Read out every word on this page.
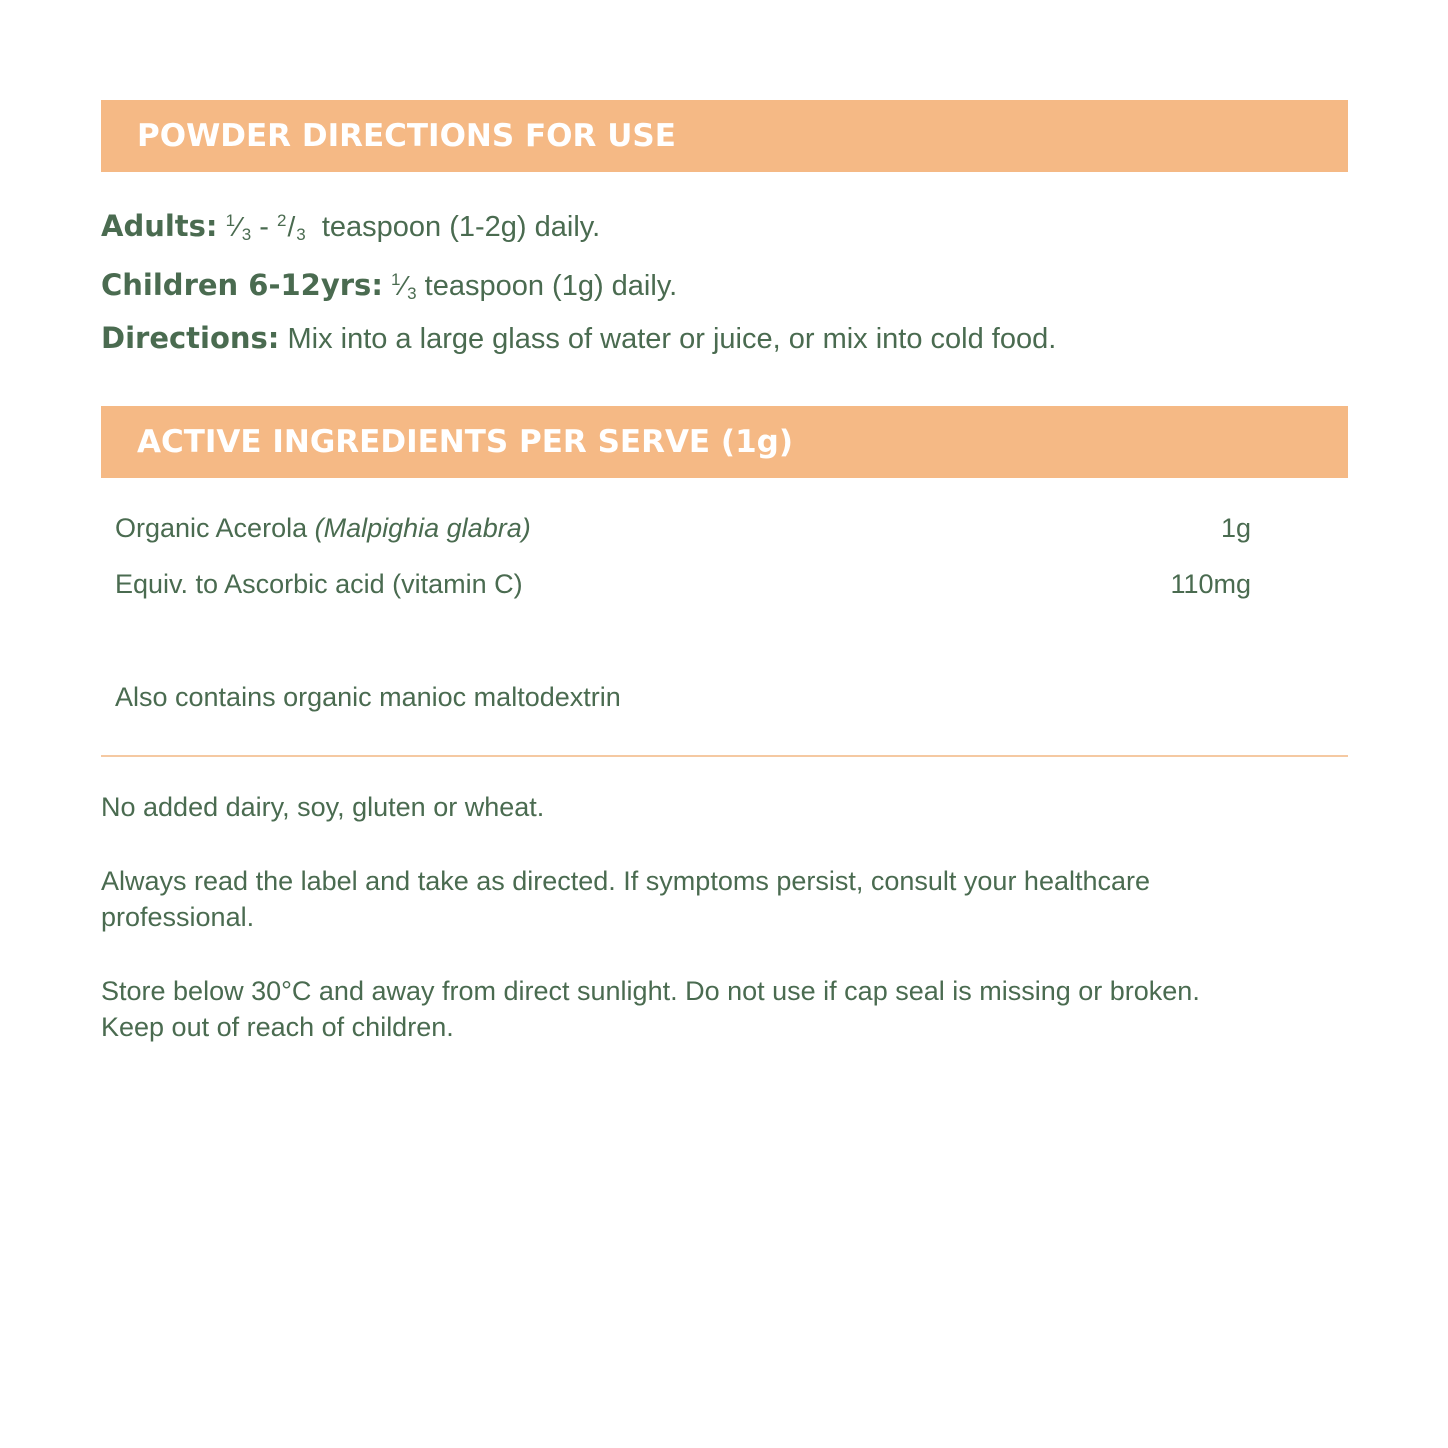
POWDER DIRECTIONS FOR USE
Adults: $^1⁄_3 - ^2/_3$  teaspoon (1-2g) daily.
Children 6-12yrs: $^1⁄_3$ teaspoon (1g) daily.
Directions: Mix into a large glass of water or juice, or mix into cold food.
ACTIVE INGREDIENTS PER SERVE (1g)
Organic Acerola (Malpighia glabra)	1g
Equiv. to Ascorbic acid (vitamin C)	110mg
Also contains organic manioc maltodextrin

No added dairy, soy, gluten or wheat.

Always read the label and take as directed. If symptoms persist, consult your healthcare professional.

Store below 30°C and away from direct sunlight. Do not use if cap seal is missing or broken. Keep out of reach of children.
